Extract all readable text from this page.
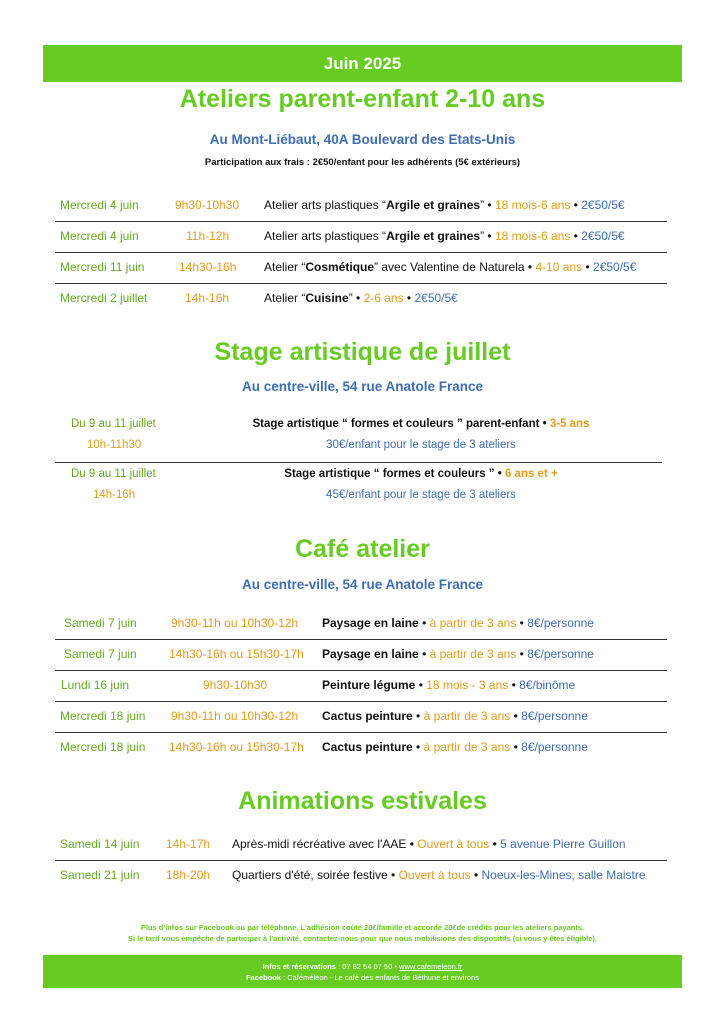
Juin 2025
Ateliers parent-enfant 2-10 ans
Au Mont-Liébaut, 40A Boulevard des Etats-Unis
Participation aux frais : 2€50/enfant pour les adhérents (5€ extérieurs)
Mercredi 4 juin	9h30-10h30 Atelier arts plastiques “Argile et graines” • 18 mois-6 ans • 2€50/5€
Mercredi 4 juin	11h-12h	Atelier arts plastiques “Argile et graines” • 18 mois-6 ans • 2€50/5€
Mercredi 11 juin	14h30-16h Atelier “Cosmétique” avec Valentine de Naturela • 4-10 ans • 2€50/5€
Mercredi 2 juillet	14h-16h	Atelier “Cuisine” • 2-6 ans • 2€50/5€
Stage artistique de juillet
Au centre-ville, 54 rue Anatole France
Du 9 au 11 juillet
10h-11h30
Stage artistique “ formes et couleurs ” parent-enfant • 3-5 ans
30€/enfant pour le stage de 3 ateliers
Du 9 au 11 juillet
14h-16h
Stage artistique “ formes et couleurs ” • 6 ans et +
45€/enfant pour le stage de 3 ateliers
Café atelier
Au centre-ville, 54 rue Anatole France
Samedi 7 juin	9h30-11h ou 10h30-12h Paysage en laine • à partir de 3 ans • 8€/personne
Samedi 7 juin	14h30-16h ou 15h30-17h Paysage en laine • à partir de 3 ans • 8€/personne
Lundi 16 juin	9h30-10h30	Peinture légume • 18 mois - 3 ans • 8€/binôme
Mercredi 18 juin 9h30-11h ou 10h30-12h Cactus peinture • à partir de 3 ans • 8€/personne
Mercredi 18 juin 14h30-16h ou 15h30-17h Cactus peinture • à partir de 3 ans • 8€/personne
Animations estivales
Samedi 14 juin 14h-17h Après-midi récréative avec l'AAE • Ouvert à tous • 5 avenue Pierre Guillon
Samedi 21 juin 18h-20h Quartiers d'été, soirée festive • Ouvert à tous • Noeux-les-Mines, salle Maistre
Plus d'infos sur Facebook ou par téléphone. L'adhésion coûte 20€/famille et accorde 20€de crédits pour les ateliers payants.
Si le tarif vous empêche de participer à l'activité, contactez-nous pour que nous mobilisions des dispositifs (si vous y êtes éligible).
Infos et réservations : 07 82 54 07 50 • www.cafemeleon.fr
Facebook : Caféméléon - Le café des enfants de Béthune et environs
